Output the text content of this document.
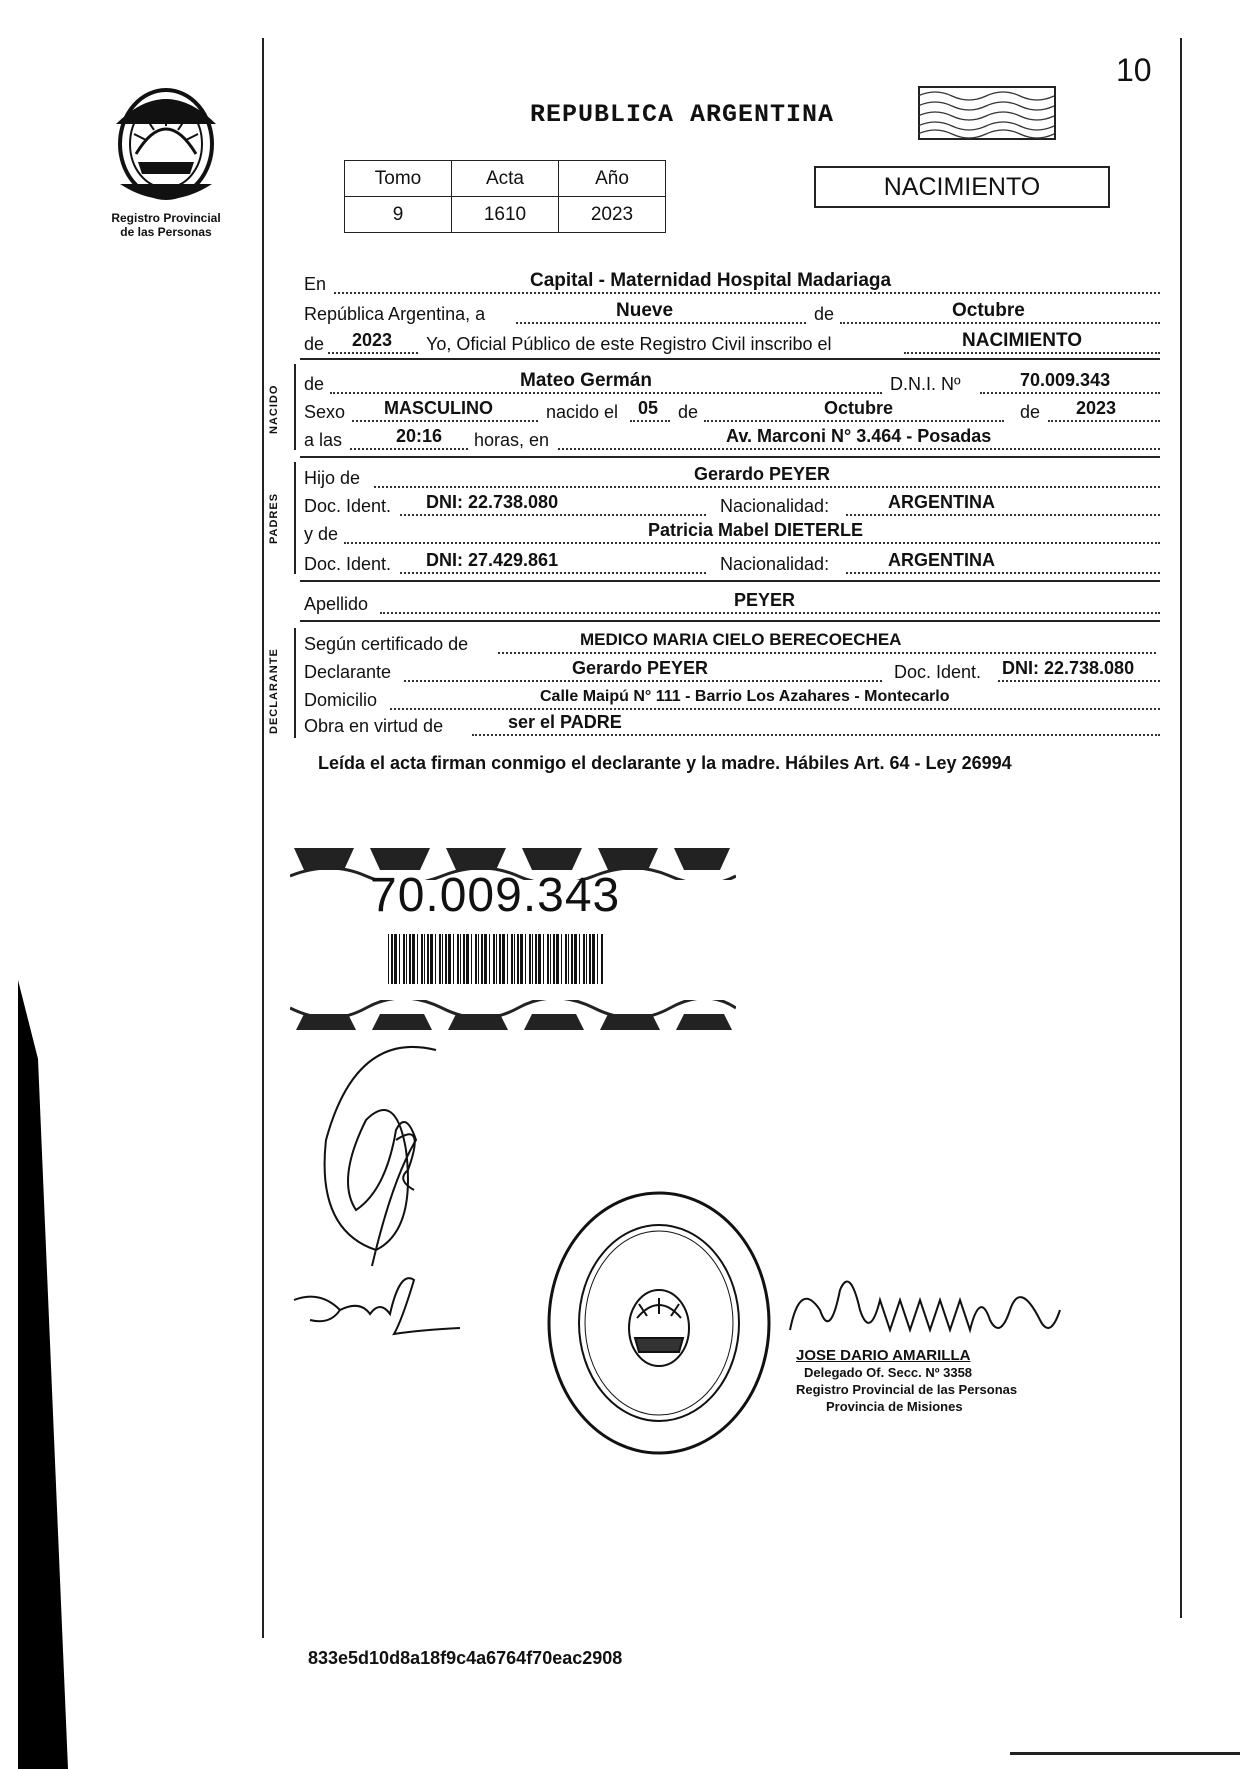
10
Registro Provincial
de las Personas
REPUBLICA ARGENTINA
Tomo	Acta	Año
9	1610	2023
NACIMIENTO
En	Capital - Maternidad Hospital Madariaga
República Argentina, a	Nueve	de	Octubre
de 2023 Yo, Oficial Público de este Registro Civil inscribo el	NACIMIENTO
NACIDO
de	Mateo Germán	D.N.I. Nº	70.009.343
Sexo MASCULINO	nacido el 05 de	Octubre	de 2023
a las	20:16 horas, en	Av. Marconi N° 3.464 - Posadas
PADRES
Hijo de	Gerardo PEYER
Doc. Ident. DNI: 22.738.080	Nacionalidad:	ARGENTINA
y de	Patricia Mabel DIETERLE
Doc. Ident. DNI: 27.429.861	Nacionalidad:	ARGENTINA
Apellido	PEYER
DECLARANTE
Según certificado de	MEDICO MARIA CIELO BERECOECHEA
Declarante	Gerardo PEYER	Doc. Ident. DNI: 22.738.080
Domicilio	Calle Maipú N° 111 - Barrio Los Azahares - Montecarlo
Obra en virtud de	ser el PADRE
Leída el acta firman conmigo el declarante y la madre. Hábiles Art. 64 - Ley 26994
70.009.343
JOSE DARIO AMARILLA
Delegado Of. Secc. Nº 3358
Registro Provincial de las Personas
Provincia de Misiones
833e5d10d8a18f9c4a6764f70eac2908
